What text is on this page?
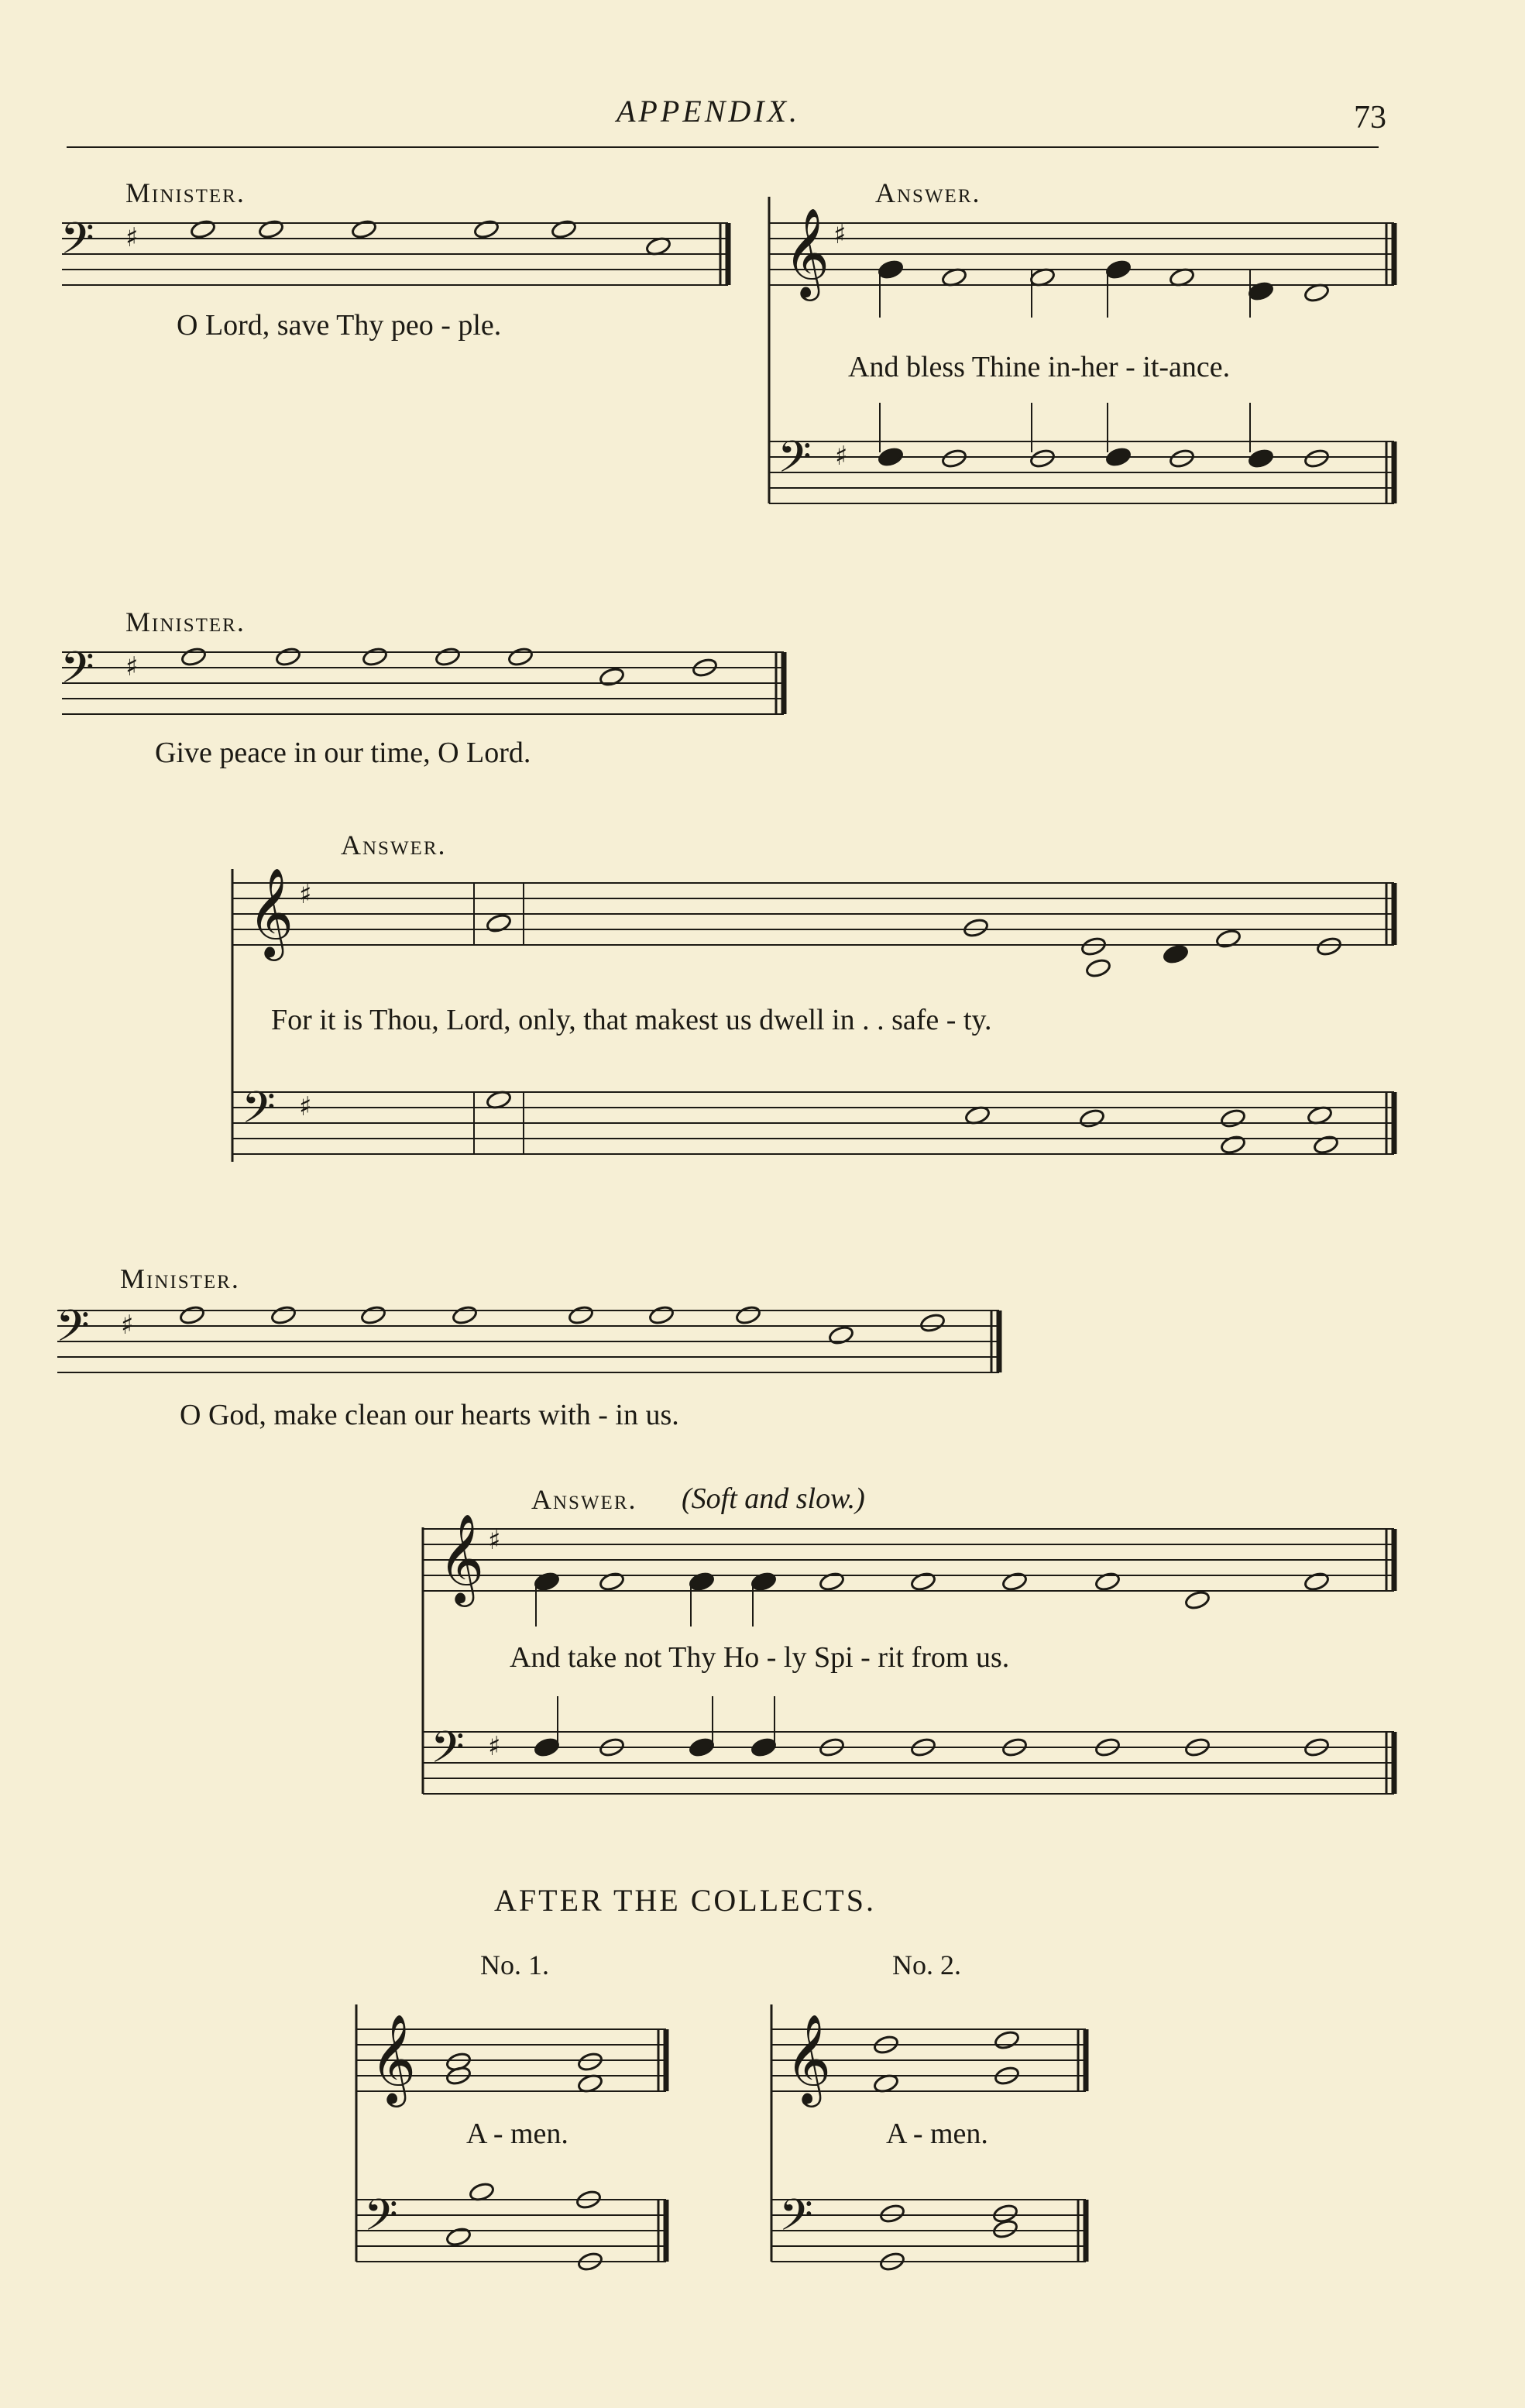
𝄢 ♯	𝄞 ♯
𝄢 ♯
𝄢 ♯
𝄞 ♯
𝄢 ♯
𝄢 ♯
𝄞 ♯
𝄢 ♯
𝄞
𝄢
𝄞
𝄢
APPENDIX.	73
Minister.
O Lord, save Thy peo - ple.
Answer.
And bless Thine in-her - it-ance.
Minister.
Give peace in our time, O Lord.
Answer.
For it is Thou, Lord, only, that makest us dwell in . . safe - ty.
Minister.
O God, make clean our hearts with - in us.
Answer. (Soft and slow.)
And take not Thy Ho - ly Spi - rit from us.
AFTER THE COLLECTS.
No. 1.
A - men.
No. 2.
A - men.
